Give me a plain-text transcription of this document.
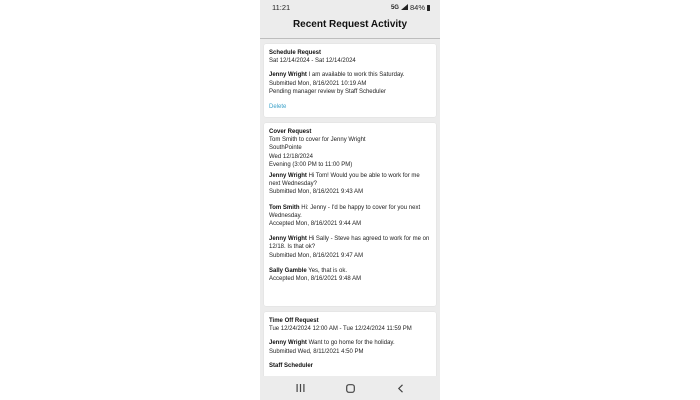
11:21	5G 84%
Recent Request Activity
Schedule Request
Sat 12/14/2024 - Sat 12/14/2024
Jenny Wright I am available to work this Saturday.
Submitted Mon, 8/16/2021 10:19 AM
Pending manager review by Staff Scheduler
Delete
Cover Request
Tom Smith to cover for Jenny Wright
SouthPointe
Wed 12/18/2024
Evening (3:00 PM to 11:00 PM)
Jenny Wright Hi Tom! Would you be able to work for me next Wednesday?
Submitted Mon, 8/16/2021 9:43 AM
Tom Smith Hi: Jenny - I'd be happy to cover for you next Wednesday.
Accepted Mon, 8/16/2021 9:44 AM
Jenny Wright Hi Sally - Steve has agreed to work for me on 12/18. Is that ok?
Submitted Mon, 8/16/2021 9:47 AM
Sally Gamble Yes, that is ok.
Accepted Mon, 8/16/2021 9:48 AM
Time Off Request
Tue 12/24/2024 12:00 AM - Tue 12/24/2024 11:59 PM
Jenny Wright Want to go home for the holiday.
Submitted Wed, 8/11/2021 4:50 PM
Staff Scheduler
